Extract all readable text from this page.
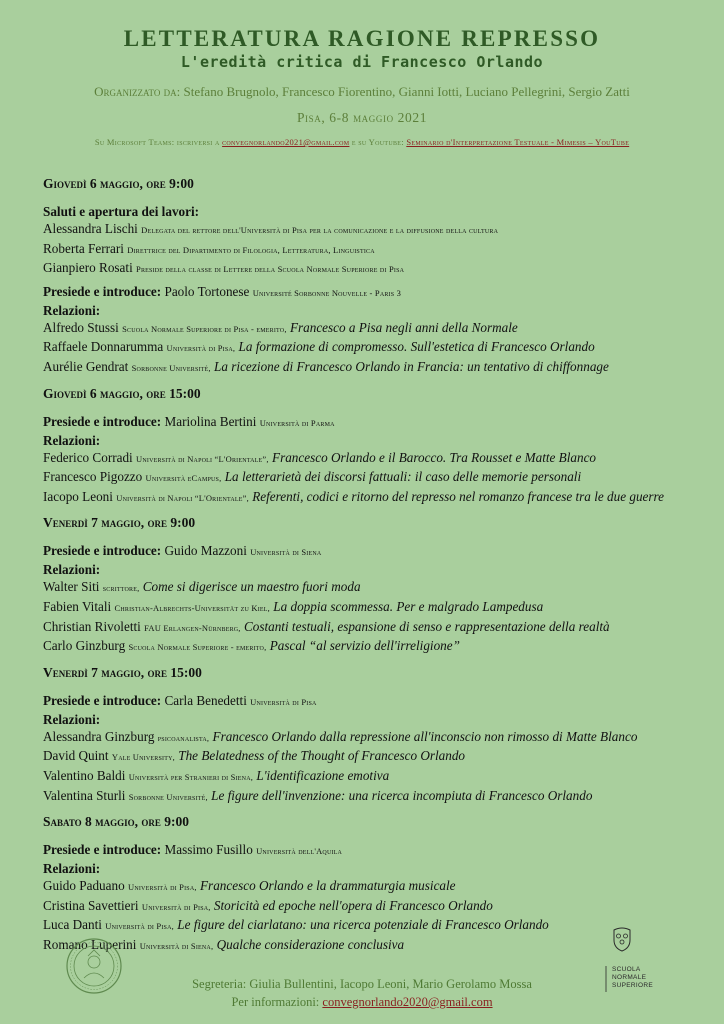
LETTERATURA RAGIONE REPRESSO
L'eredità critica di Francesco Orlando
Organizzato da: Stefano Brugnolo, Francesco Fiorentino, Gianni Iotti, Luciano Pellegrini, Sergio Zatti
Pisa, 6-8 maggio 2021
Su Microsoft Teams: iscriversi a convegnorlando2021@gmail.com e su Youtube: Seminario d'Interpretazione Testuale - Mimesis – YouTube
Giovedì 6 maggio, ore 9:00
Saluti e apertura dei lavori:
Alessandra Lischi Delegata del rettore dell'Università di Pisa per la comunicazione e la diffusione della cultura
Roberta Ferrari Direttrice del Dipartimento di Filologia, Letteratura, Linguistica
Gianpiero Rosati Preside della classe di Lettere della Scuola Normale Superiore di Pisa
Presiede e introduce: Paolo Tortonese Université Sorbonne Nouvelle - Paris 3
Relazioni:
Alfredo Stussi Scuola Normale Superiore di Pisa - emerito, Francesco a Pisa negli anni della Normale
Raffaele Donnarumma Università di Pisa, La formazione di compromesso. Sull'estetica di Francesco Orlando
Aurélie Gendrat Sorbonne Université, La ricezione di Francesco Orlando in Francia: un tentativo di chiffonnage
Giovedì 6 maggio, ore 15:00
Presiede e introduce: Mariolina Bertini Università di Parma
Relazioni:
Federico Corradi Università di Napoli “L'Orientale”, Francesco Orlando e il Barocco. Tra Rousset e Matte Blanco
Francesco Pigozzo Università eCampus, La letterarietà dei discorsi fattuali: il caso delle memorie personali
Iacopo Leoni Università di Napoli “L'Orientale”, Referenti, codici e ritorno del represso nel romanzo francese tra le due guerre
Venerdì 7 maggio, ore 9:00
Presiede e introduce: Guido Mazzoni Università di Siena
Relazioni:
Walter Siti scrittore, Come si digerisce un maestro fuori moda
Fabien Vitali Christian-Albrechts-Universität zu Kiel, La doppia scommessa. Per e malgrado Lampedusa
Christian Rivoletti FAU Erlangen-Nürnberg, Costanti testuali, espansione di senso e rappresentazione della realtà
Carlo Ginzburg Scuola Normale Superiore - emerito, Pascal “al servizio dell'irreligione”
Venerdì 7 maggio, ore 15:00
Presiede e introduce: Carla Benedetti Università di Pisa
Relazioni:
Alessandra Ginzburg psicoanalista, Francesco Orlando dalla repressione all'inconscio non rimosso di Matte Blanco
David Quint Yale University, The Belatedness of the Thought of Francesco Orlando
Valentino Baldi Università per Stranieri di Siena, L'identificazione emotiva
Valentina Sturli Sorbonne Université, Le figure dell'invenzione: una ricerca incompiuta di Francesco Orlando
Sabato 8 maggio, ore 9:00
Presiede e introduce: Massimo Fusillo Università dell'Aquila
Relazioni:
Guido Paduano Università di Pisa, Francesco Orlando e la drammaturgia musicale
Cristina Savettieri Università di Pisa, Storicità ed epoche nell'opera di Francesco Orlando
Luca Danti Università di Pisa, Le figure del ciarlatano: una ricerca potenziale di Francesco Orlando
Romano Luperini Università di Siena, Qualche considerazione conclusiva
SCUOLA
NORMALE
SUPERIORE
Segreteria: Giulia Bullentini, Iacopo Leoni, Mario Gerolamo Mossa
Per informazioni: convegnorlando2020@gmail.com
